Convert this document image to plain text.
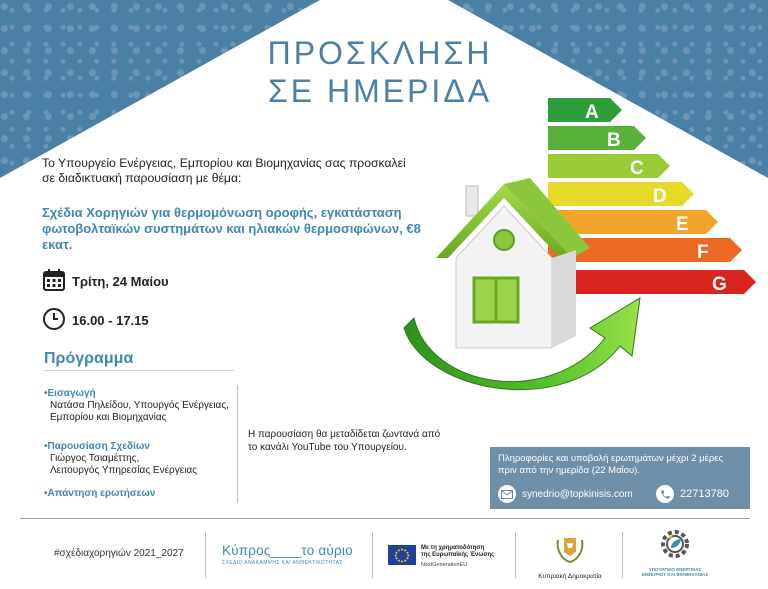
ΠΡΟΣΚΛΗΣΗ
ΣΕ ΗΜΕΡΙΔΑ
Το Υπουργείο Ενέργειας, Εμπορίου και Βιομηχανίας σας προσκαλεί σε διαδικτυακή παρουσίαση με θέμα:
Σχέδια Χορηγιών για θερμομόνωση οροφής, εγκατάσταση φωτοβολταϊκών συστημάτων και ηλιακών θερμοσιφώνων, €8 εκατ.
Τρίτη, 24 Μαίου
16.00 - 17.15
Πρόγραμμα
•Εισαγωγή
Νατάσα Πηλείδου, Υπουργός Ενέργειας,
Εμπορίου και Βιομηχανίας
•Παρουσίαση Σχεδίων
Γιώργος Τσιαμέττης,
Λειτουργός Υπηρεσίας Ενέργειας
•Απάντηση ερωτήσεων
Η παρουσίαση θα μεταδίδεται ζωντανά από το κανάλι YouTube του Υπουργείου.
Πληροφορίες και υποβολή ερωτημάτων μέχρι 2 μέρες πριν από την ημερίδα (22 Μαΐου).
synedrio@topkinisis.com	22713780
A
B
C
D
E
F
G
#σχέδιαχορηγιών 2021_2027	Κύπρος____το αύριο
ΣΧΕΔΙΟ ΑΝΑΚΑΜΨΗΣ ΚΑΙ ΑΝΘΕΚΤΙΚΟΤΗΤΑΣ
Με τη χρηματοδότηση
της Ευρωπαϊκής Ένωσης
NextGenerationEU
Κυπριακή Δημοκρατία
ΥΠΟΥΡΓΕΙΟ ΕΝΕΡΓΕΙΑΣ
ΕΜΠΟΡΙΟΥ ΚΑΙ ΒΙΟΜΗΧΑΝΙΑΣ
